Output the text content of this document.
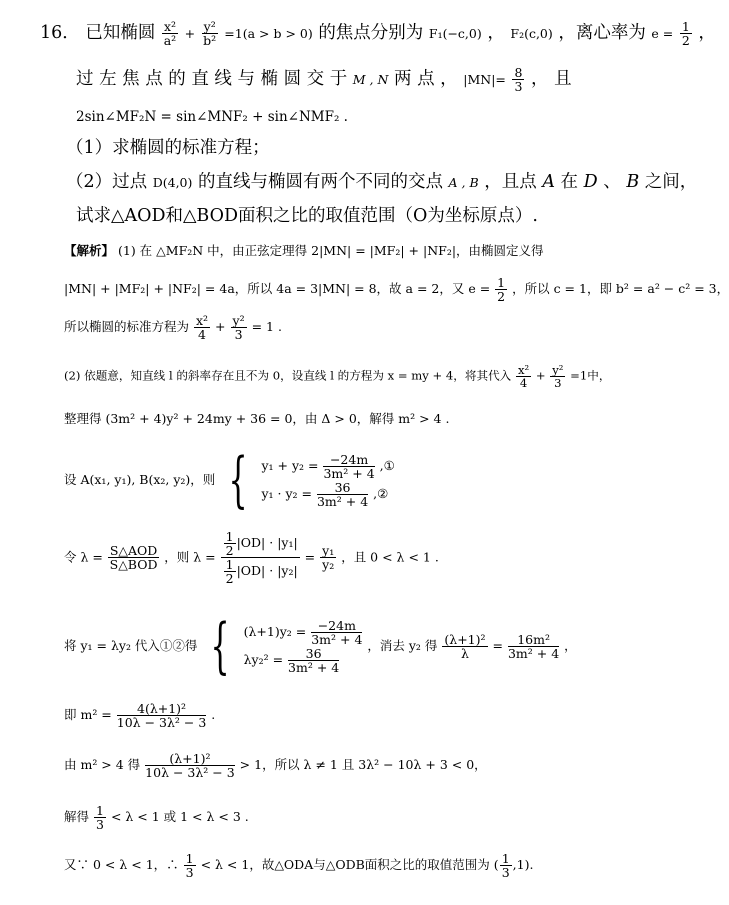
16． 已知椭圆 $\frac{\text{x²}}{\text{a²}} + \frac{\text{y²}}{\text{b²}} =1(a > b > 0)$ 的焦点分别为 F₁(−c,0) ， F₂(c,0) ，离心率为 $e = \frac{1}{2}$ ，
过 左 焦 点 的 直 线 与 椭 圆 交 于 M , N 两 点 ， $|MN|= \frac{8}{3}$ ， 且
2sin∠MF₂N = sin∠MNF₂ + sin∠NMF₂ .
（1）求椭圆的标准方程；
（2）过点 D(4,0) 的直线与椭圆有两个不同的交点 A , B ，且点 A 在 D 、 B 之间，
试求△AOD和△BOD面积之比的取值范围（O为坐标原点）.
【解析】 (1) 在 △MF₂N 中，由正弦定理得 2|MN| = |MF₂| + |NF₂|，由椭圆定义得
|MN| + |MF₂| + |NF₂| = 4a，所以 4a = 3|MN| = 8，故 a = 2，又 $e = \frac{1}{2}$ ，所以 c = 1，即 b² = a² − c² = 3，
所以椭圆的标准方程为 $\frac{\text{x²}}{4} + \frac{\text{y²}}{3} = 1$ .
(2) 依题意，知直线 l 的斜率存在且不为 0，设直线 l 的方程为 x = my + 4，将其代入 $\frac{\text{x²}}{4} + \frac{\text{y²}}{3} =1$中，
整理得 (3m² + 4)y² + 24my + 36 = 0，由 Δ > 0，解得 m² > 4 .
设 A(x₁, y₁), B(x₂, y₂)，则 { $y_1 + y_2 = \frac{-24m}{\text{3m² + 4}}$ ,①
$y_1 \cdot y_2 = \frac{36}{\text{3m² + 4}}$ ,②
令 λ = S△AOD
S△BOD
，则 $\lambda = \frac{\frac{1}{2} |OD| \cdot |y_1|}{\frac{1}{2} |OD| \cdot |y_2|} = \frac{\text{y₁}}{\text{y₂}}$ ，且 0 < λ < 1 .
将 y₁ = λy₂ 代入①②得 { $(\lambda+1)y_2 = \frac{-24m}{\text{3m² + 4}}$
$\lambda y_2^2 = \frac{36}{\text{3m² + 4}}$
，消去 y₂ 得 $\frac{\text{(λ+1)²}}{\lambda} = \frac{\text{16m²}}{\text{3m² + 4}}$ ，
即 $m^2 = \frac{\text{4(λ+1)²}}{\text{10λ − 3λ² − 3}}$ .
由 m² > 4 得 $\frac{\text{(λ+1)²}}{\text{10λ − 3λ² − 3}} > 1$，所以 λ ≠ 1 且 3λ² − 10λ + 3 < 0，
解得 $\frac{1}{3} < \lambda < 1$ 或 1 < λ < 3 .
又∵ 0 < λ < 1，∴ $\frac{1}{3} < \lambda < 1$，故△ODA与△ODB面积之比的取值范围为 ( $\frac{1}{3} ,1$).
